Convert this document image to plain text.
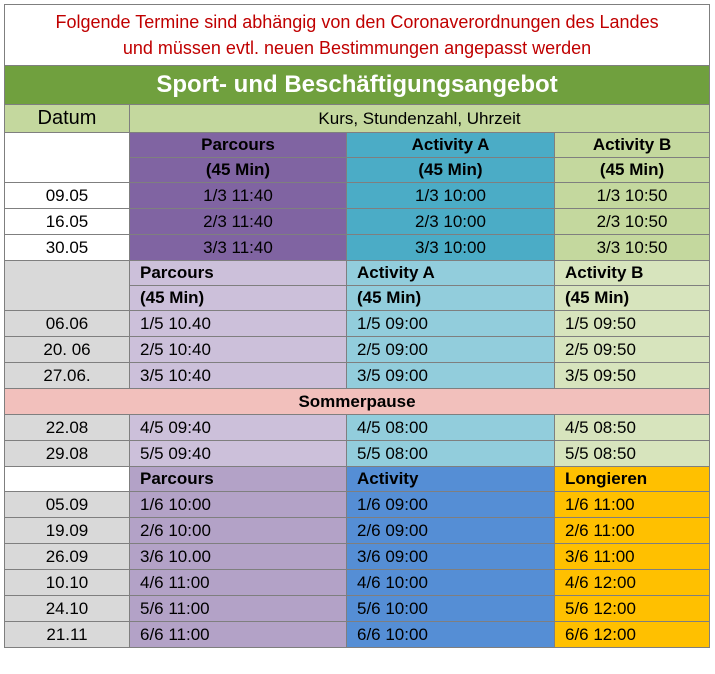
Folgende Termine sind abhängig von den Coronaverordnungen des Landes
und müssen evtl. neuen Bestimmungen angepasst werden			

Sport- und Beschäftigungsangebot			
Datum	Kurs, Stundenzahl, Uhrzeit		
	Parcours	Activity A	Activity B
	(45 Min)	(45 Min)	(45 Min)
09.05	1/3 11:40	1/3 10:00	1/3 10:50
16.05	2/3 11:40	2/3 10:00	2/3 10:50
30.05	3/3 11:40	3/3 10:00	3/3 10:50
	Parcours	Activity A	Activity B
	(45 Min)	(45 Min)	(45 Min)
06.06	1/5 10.40	1/5 09:00	1/5 09:50
20. 06	2/5 10:40	2/5 09:00	2/5 09:50
27.06.	3/5 10:40	3/5 09:00	3/5 09:50
Sommerpause			
22.08	4/5 09:40	4/5 08:00	4/5 08:50
29.08	5/5 09:40	5/5 08:00	5/5 08:50
	Parcours	Activity	Longieren
05.09	1/6 10:00	1/6 09:00	1/6 11:00
19.09	2/6 10:00	2/6 09:00	2/6 11:00
26.09	3/6 10.00	3/6 09:00	3/6 11:00
10.10	4/6 11:00	4/6 10:00	4/6 12:00
24.10	5/6 11:00	5/6 10:00	5/6 12:00
21.11	6/6 11:00	6/6 10:00	6/6 12:00
